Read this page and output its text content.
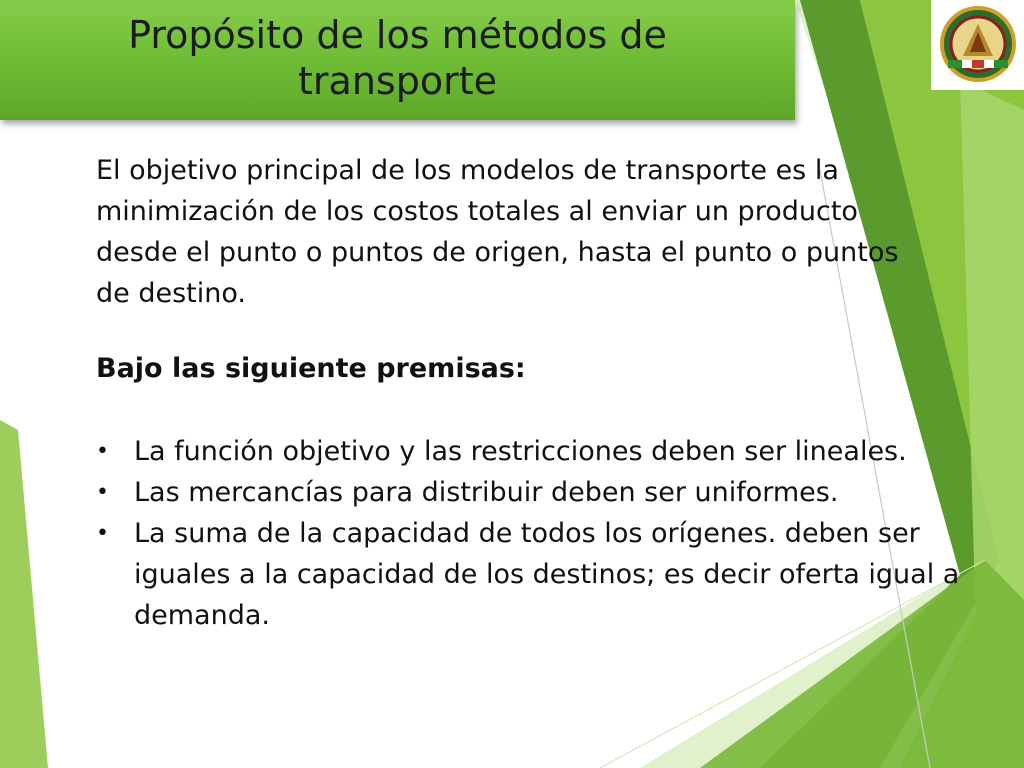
Propósito de los métodos de
transporte

El objetivo principal de los modelos de transporte es la minimización de los costos totales al enviar un producto desde el punto o puntos de origen, hasta el punto o puntos de destino.

Bajo las siguiente premisas:

• La función objetivo y las restricciones deben ser lineales.
• Las mercancías para distribuir deben ser uniformes.
• La suma de la capacidad de todos los orígenes. deben ser iguales a la capacidad de los destinos; es decir oferta igual a demanda.
